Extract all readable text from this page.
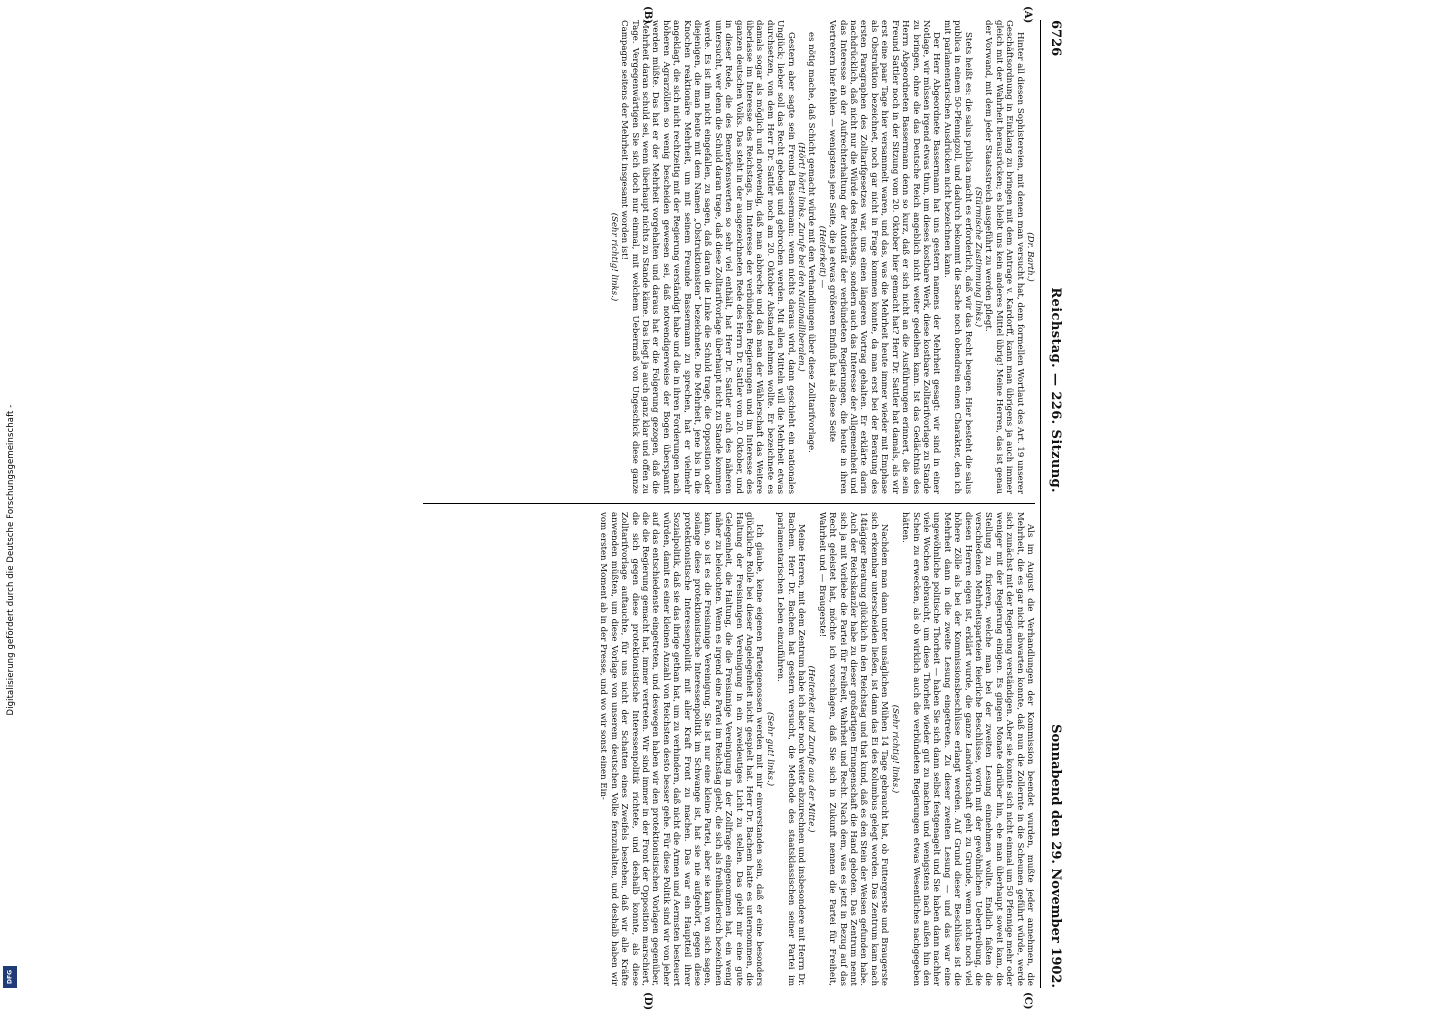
Digitalisierung gefördert durch die Deutsche Forschungsgemeinschaft -
DFG
6726
Reichstag. — 226. Sitzung.
Sonnabend den 29. November 1902.
(A)
(B)
(C)
(D)

(Dr. Barth.)

Hinter all diesen Sophistereien, mit denen man versucht hat, dem formellen Wortlaut des Art. 19 unserer Geschäftsordnung in Einklang zu bringen mit dem Antrage v. Kardorff, kann man übrigens ja auch immer gleich mit der Wahrheit herausrücken; es bleibt uns kein anderes Mittel übrig! Meine Herren, das ist genau der Vorwand, mit dem jeder Staatsstreich ausgeführt zu werden pflegt.

(Stürmische Zustimmung links.)

Stets heißt es: die salus publica macht es erforderlich, daß wir das Recht beugen. Hier besteht die salus publica in einem 50-Pfennigzoll, und dadurch bekommt die Sache noch obendrein einen Charakter, den ich mit parlamentarischen Ausdrücken nicht bezeichnen kann.

Der Herr Abgeordnete Bassermann hat uns gestern namens der Mehrheit gesagt: wir sind in einer Notlage, wir müssen irgend etwas thun, um dieses kostbare Werk, diese kostbare Zolltarifvorlage zu Stande zu bringen, ohne die das Deutsche Reich angeblich nicht weiter gedeihen kann. Ist das Gedächtnis des Herrn Abgeordneten Bassermann denn so kurz, daß er sich nicht an die Ausführungen erinnert, die sein Freund Sattler noch in der Sitzung vom 20. Oktober hier gemacht hat? Herr Dr. Sattler hat damals, als wir erst eine paar Tage hier versammelt waren, und das, was die Mehrheit heute immer wieder mit Emphase als Obstruktion bezeichnet, noch gar nicht in Frage kommen konnte, da man erst bei der Beratung des ersten Paragraphen des Zolltarifgesetzes war, uns einen längeren Vortrag gehalten. Er erklärte darin nachdrücklich, daß nicht nur die Würde des Reichstags, sondern auch das Interesse der Allgemeinheit und das Interesse an der Aufrechterhaltung der Autorität der verbündeten Regierungen, die heute in ihren Vertretern hier fehlen — wenigstens jene Seite, die ja etwas größeren Einfluß hat als diese Seite

(Heiterkeit) —

es nötig mache, daß Schicht gemacht würde mit den Verhandlungen über diese Zolltarifvorlage.

(Hört! hört! links. Zurufe bei den Nationalliberalen.)

Gestern aber sagte sein Freund Bassermann: wenn nichts daraus wird, dann geschieht ein nationales Unglück; lieber soll das Recht gebeugt und gebrochen werden. Mit allen Mitteln will die Mehrheit etwas durchsetzen, von dem Herr Dr. Sattler noch am 20. Oktober Abstand nehmen wollte. Er bezeichnete es damals sogar als möglich und notwendig, daß man abbreche und daß man der Wählerschaft das Weitere überlasse im Interesse des Reichstags, im Interesse der verbündeten Regierungen und im Interesse des ganzen deutschen Volks. Das steht in der ausgezeichneten Rede des Herrn Dr. Sattler vom 20. Oktober, und in dieser Rede, die des Bemerkenswerten so sehr viel enthält, hat Herr Dr. Sattler auch des näheren untersucht, wer denn die Schuld daran trage, daß diese Zolltarifvorlage überhaupt nicht zu Stande kommen werde. Es ist ihm nicht eingefallen, zu sagen, daß daran die Linke die Schuld trage, die Opposition oder diejenigen, die man heute mit dem Namen „Obstruktionisten“ bezeichnete. Die Mehrheit, jene bis in die Knochen reaktionäre Mehrheit, um mit seinem Freunde Bassermann zu sprechen, hat er vielmehr angeklagt, die sich nicht rechtzeitig mit der Regierung verständigt habe und die in ihren Forderungen nach höheren Agrarzöllen so wenig bescheiden gewesen sei, daß notwendigerweise der Bogen überspannt werden müßte. Das hat er der Mehrheit vorgehalten und daraus hat er die Folgerung gezogen, daß die Mehrheit daran schuld sei, wenn überhaupt nichts zu Stande käme. Das liegt ja auch ganz klar und offen zu Tage. Vergegenwärtigen Sie sich doch nur einmal, mit welchem Uebermaß von Ungeschick diese ganze Campagne seitens der Mehrheit insgesamt worden ist!

(Sehr richtig! links.)

Als im August die Verhandlungen der Kommission beendet wurden, mußte jeder annehmen, die Mehrheit, die es gar nicht abwarten konnte, daß nun die Zollernte in die Scheunen geführt würde, werde sich zunächst mit der Regierung verständigen. Aber sie konnte sich nicht einmal um 50 Pfennige mehr oder weniger mit der Regierung einigen. Es gingen Monate darüber hin, ehe man überhaupt soweit kam, die Stellung zu fixieren, welche man bei der zweiten Lesung einnehmen wollte. Endlich faßten die verschiedenen Mehrheitsparteien feierliche Beschlüsse, worin mit der gewöhnlichen Uebertreibung, die diesen Herren eigen ist, erklärt wurde, die ganze Landwirtschaft geht zu Grunde, wenn nicht noch viel höhere Zölle als bei der Kommissionsbeschlüsse erlangt werden. Auf Grund dieser Beschlüsse ist die Mehrheit dann in die zweite Lesung eingetreten. Zu dieser zweiten Lesung — und das war eine ungewöhnliche politische Thorheit — haben Sie sich dann selbst festgenagelt und Sie haben dann nachher viele Wochen gebraucht, um diese Thorheit wieder gut zu machen und wenigstens nach außen hin den Schein zu erwecken, als ob wirklich auch die verbündeten Regierungen etwas Wesentliches nachgegeben hätten.

(Sehr richtig! links.)

Nachdem man dann unter unsäglichen Mühen 14 Tage gebraucht hat, ob Futtergerste und Braugerste sich erkennbar unterscheiden ließen, ist dann das Ei des Kolumbus gelegt worden. Das Zentrum kam nach 14tägiger Beratung glücklich in den Reichstag und that kund, daß es den Stein der Weisen gefunden habe. Auch der Reichskanzler habe zu dieser großartigen Erungenschaft die Hand geboten. Das Zentrum nennt sich ja mit Vorliebe die Partei für Freiheit, Wahrheit und Recht. Nach dem, was es jetzt in Bezug auf das Recht geleistet hat, möchte ich vorschlagen, daß Sie sich in Zukunft nennen die Partei für Freiheit, Wahrheit und — Braugerste!

(Heiterkeit und Zurufe aus der Mitte.)

Meine Herren, mit dem Zentrum habe ich aber noch weiter abzurechnen und insbesondere mit Herrn Dr. Bachem. Herr Dr. Bachem hat gestern versucht, die Methode des staatsklassischen seiner Partei im parlamentarischen Leben einzuführen.

(Sehr gut! links.)

Ich glaube, keine eigenen Parteigenossen werden mit mir einverstanden sein, daß er eine besonders glückliche Rolle bei dieser Angelegenheit nicht gespielt hat. Herr Dr. Bachem hatte es unternommen, die Haltung der Freisinnigen Vereinigung in ein zweideutiges Licht zu stellen. Das giebt mir eine gute Gelegenheit, die Haltung, die die Freisinnige Vereinigung in der Zollfrage eingenommen hat, ein wenig näher zu beleuchten. Wenn es irgend eine Partei im Reichstag giebt, die sich als freihändlerisch bezeichnen kann, so ist es die Freisinnige Vereinigung. Sie ist nur eine kleine Partei, aber sie kann von sich sagen, solange diese protektionistische Interessenpolitik im Schwange ist, hat sie nie aufgehört, gegen diese protektionistische Interessenpolitik mit aller Kraft Front zu machen. Das war ein Hauptteil ihrer Sozialpolitik, daß sie das ihrige gethan hat, um zu verhindern, daß nicht die Armen und Aermsten besteuert würden, damit es einer kleinen Anzahl von Reichsten desto besser gehe. Für diese Politik sind wir von jeher auf das entschiedenste eingetreten, und deswegen haben wir den protektionistischen Vorlagen gegenüber, die die Regierung gemacht hat, immer vertreten. Wir sind immer in der Front der Opposition marschiert, die sich gegen diese protektionistische Interessenpolitik richtete, und deshalb konnte, als diese Zolltarifvorlage auftauchte, für uns nicht der Schatten eines Zweifels bestehen, daß wir alle Kräfte anwenden müßten, um diese Vorlage von unserem deutschen Volke fernzuhalten, und deshalb haben wir vom ersten Moment ab in der Presse, und wo wir sonst einen Ein-
